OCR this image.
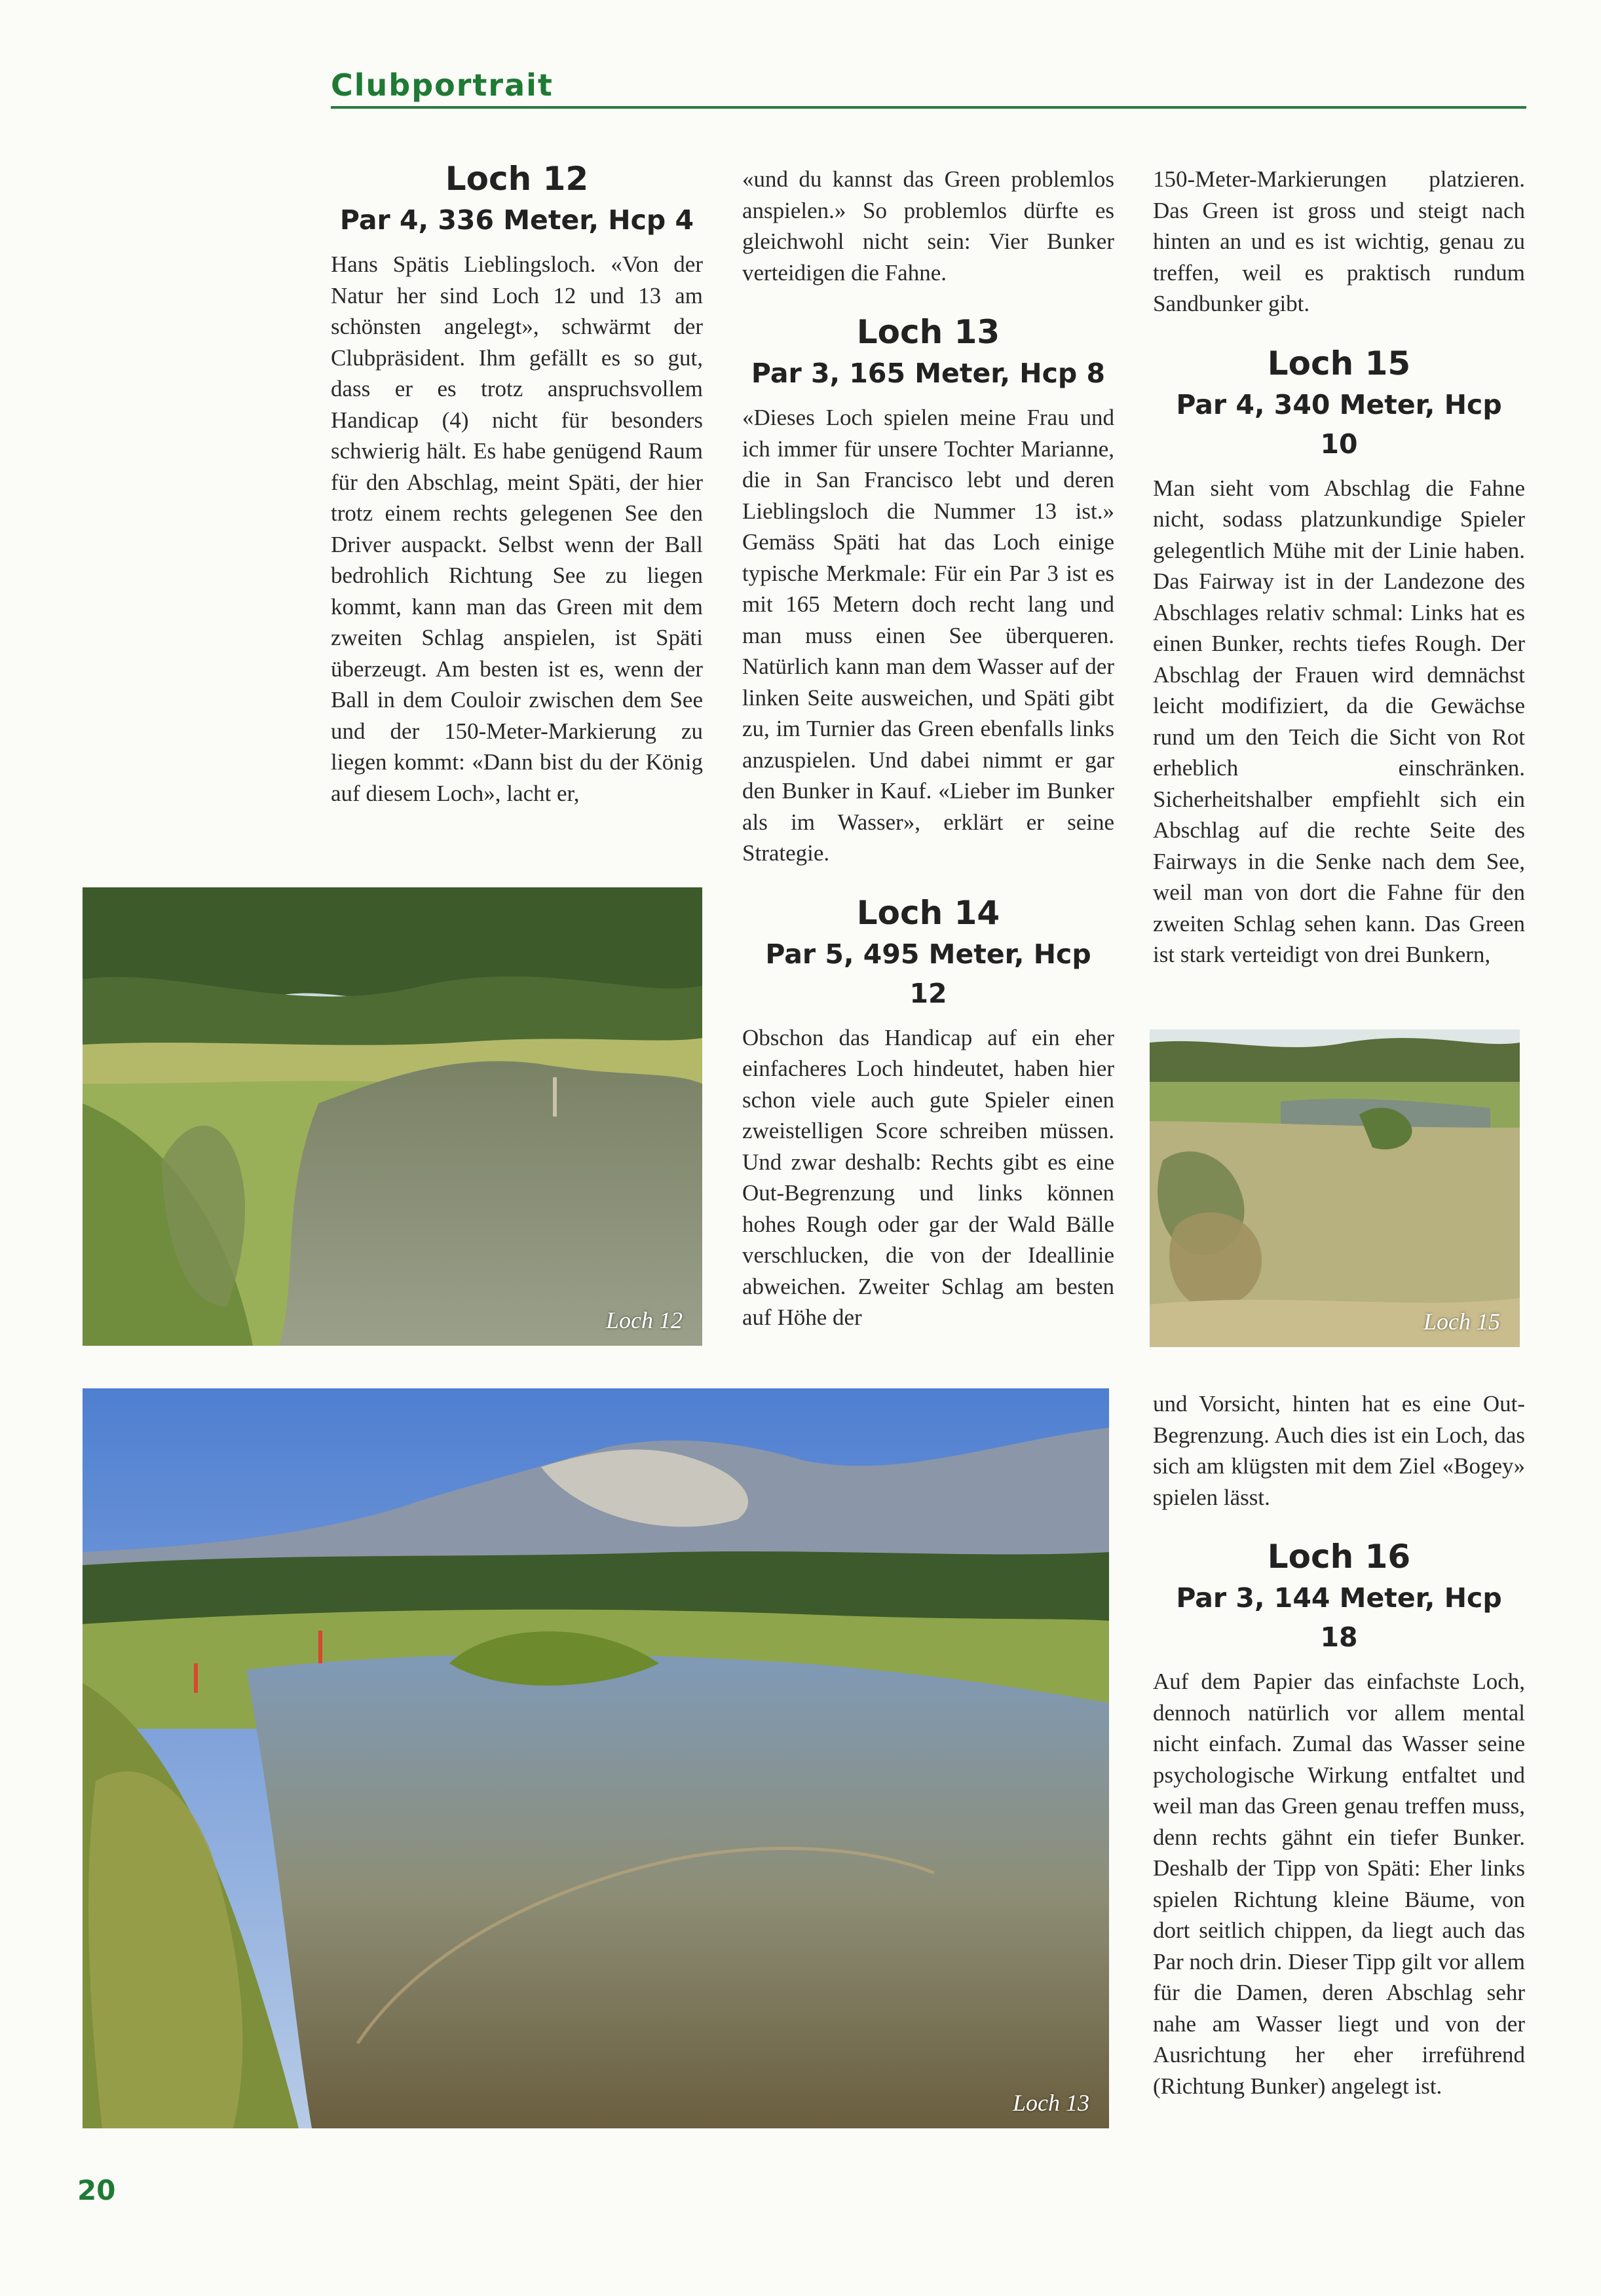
Clubportrait
Loch 12
Par 4, 336 Meter, Hcp 4

Hans Spätis Lieblingsloch. «Von der Natur her sind Loch 12 und 13 am schönsten angelegt», schwärmt der Clubpräsident. Ihm gefällt es so gut, dass er es trotz anspruchsvollem Handicap (4) nicht für besonders schwierig hält. Es habe genügend Raum für den Abschlag, meint Späti, der hier trotz einem rechts gelegenen See den Driver auspackt. Selbst wenn der Ball bedrohlich Richtung See zu liegen kommt, kann man das Green mit dem zweiten Schlag anspielen, ist Späti überzeugt. Am besten ist es, wenn der Ball in dem Couloir zwischen dem See und der 150-Meter-Markierung zu liegen kommt: «Dann bist du der König auf diesem Loch», lacht er,

«und du kannst das Green problemlos anspielen.» So problemlos dürfte es gleichwohl nicht sein: Vier Bunker verteidigen die Fahne.

Loch 13
Par 3, 165 Meter, Hcp 8

«Dieses Loch spielen meine Frau und ich immer für unsere Tochter Marianne, die in San Francisco lebt und deren Lieblingsloch die Nummer 13 ist.» Gemäss Späti hat das Loch einige typische Merkmale: Für ein Par 3 ist es mit 165 Metern doch recht lang und man muss einen See überqueren. Natürlich kann man dem Wasser auf der linken Seite ausweichen, und Späti gibt zu, im Turnier das Green ebenfalls links anzuspielen. Und dabei nimmt er gar den Bunker in Kauf. «Lieber im Bunker als im Wasser», erklärt er seine Strategie.

Loch 14
Par 5, 495 Meter, Hcp 12

Obschon das Handicap auf ein eher einfacheres Loch hindeutet, haben hier schon viele auch gute Spieler einen zweistelligen Score schreiben müssen. Und zwar deshalb: Rechts gibt es eine Out-Begrenzung und links können hohes Rough oder gar der Wald Bälle verschlucken, die von der Ideallinie abweichen. Zweiter Schlag am besten auf Höhe der

150-Meter-Markierungen platzieren. Das Green ist gross und steigt nach hinten an und es ist wichtig, genau zu treffen, weil es praktisch rundum Sandbunker gibt.

Loch 15
Par 4, 340 Meter, Hcp 10

Man sieht vom Abschlag die Fahne nicht, sodass platzunkundige Spieler gelegentlich Mühe mit der Linie haben. Das Fairway ist in der Landezone des Abschlages relativ schmal: Links hat es einen Bunker, rechts tiefes Rough. Der Abschlag der Frauen wird demnächst leicht modifiziert, da die Gewächse rund um den Teich die Sicht von Rot erheblich einschränken. Sicherheitshalber empfiehlt sich ein Abschlag auf die rechte Seite des Fairways in die Senke nach dem See, weil man von dort die Fahne für den zweiten Schlag sehen kann. Das Green ist stark verteidigt von drei Bunkern,

und Vorsicht, hinten hat es eine Out-Begrenzung. Auch dies ist ein Loch, das sich am klügsten mit dem Ziel «Bogey» spielen lässt.

Loch 16
Par 3, 144 Meter, Hcp 18

Auf dem Papier das einfachste Loch, dennoch natürlich vor allem mental nicht einfach. Zumal das Wasser seine psychologische Wirkung entfaltet und weil man das Green genau treffen muss, denn rechts gähnt ein tiefer Bunker. Deshalb der Tipp von Späti: Eher links spielen Richtung kleine Bäume, von dort seitlich chippen, da liegt auch das Par noch drin. Dieser Tipp gilt vor allem für die Damen, deren Abschlag sehr nahe am Wasser liegt und von der Ausrichtung her eher irreführend (Richtung Bunker) angelegt ist.

Loch 12	Loch 15
Loch 13
20
